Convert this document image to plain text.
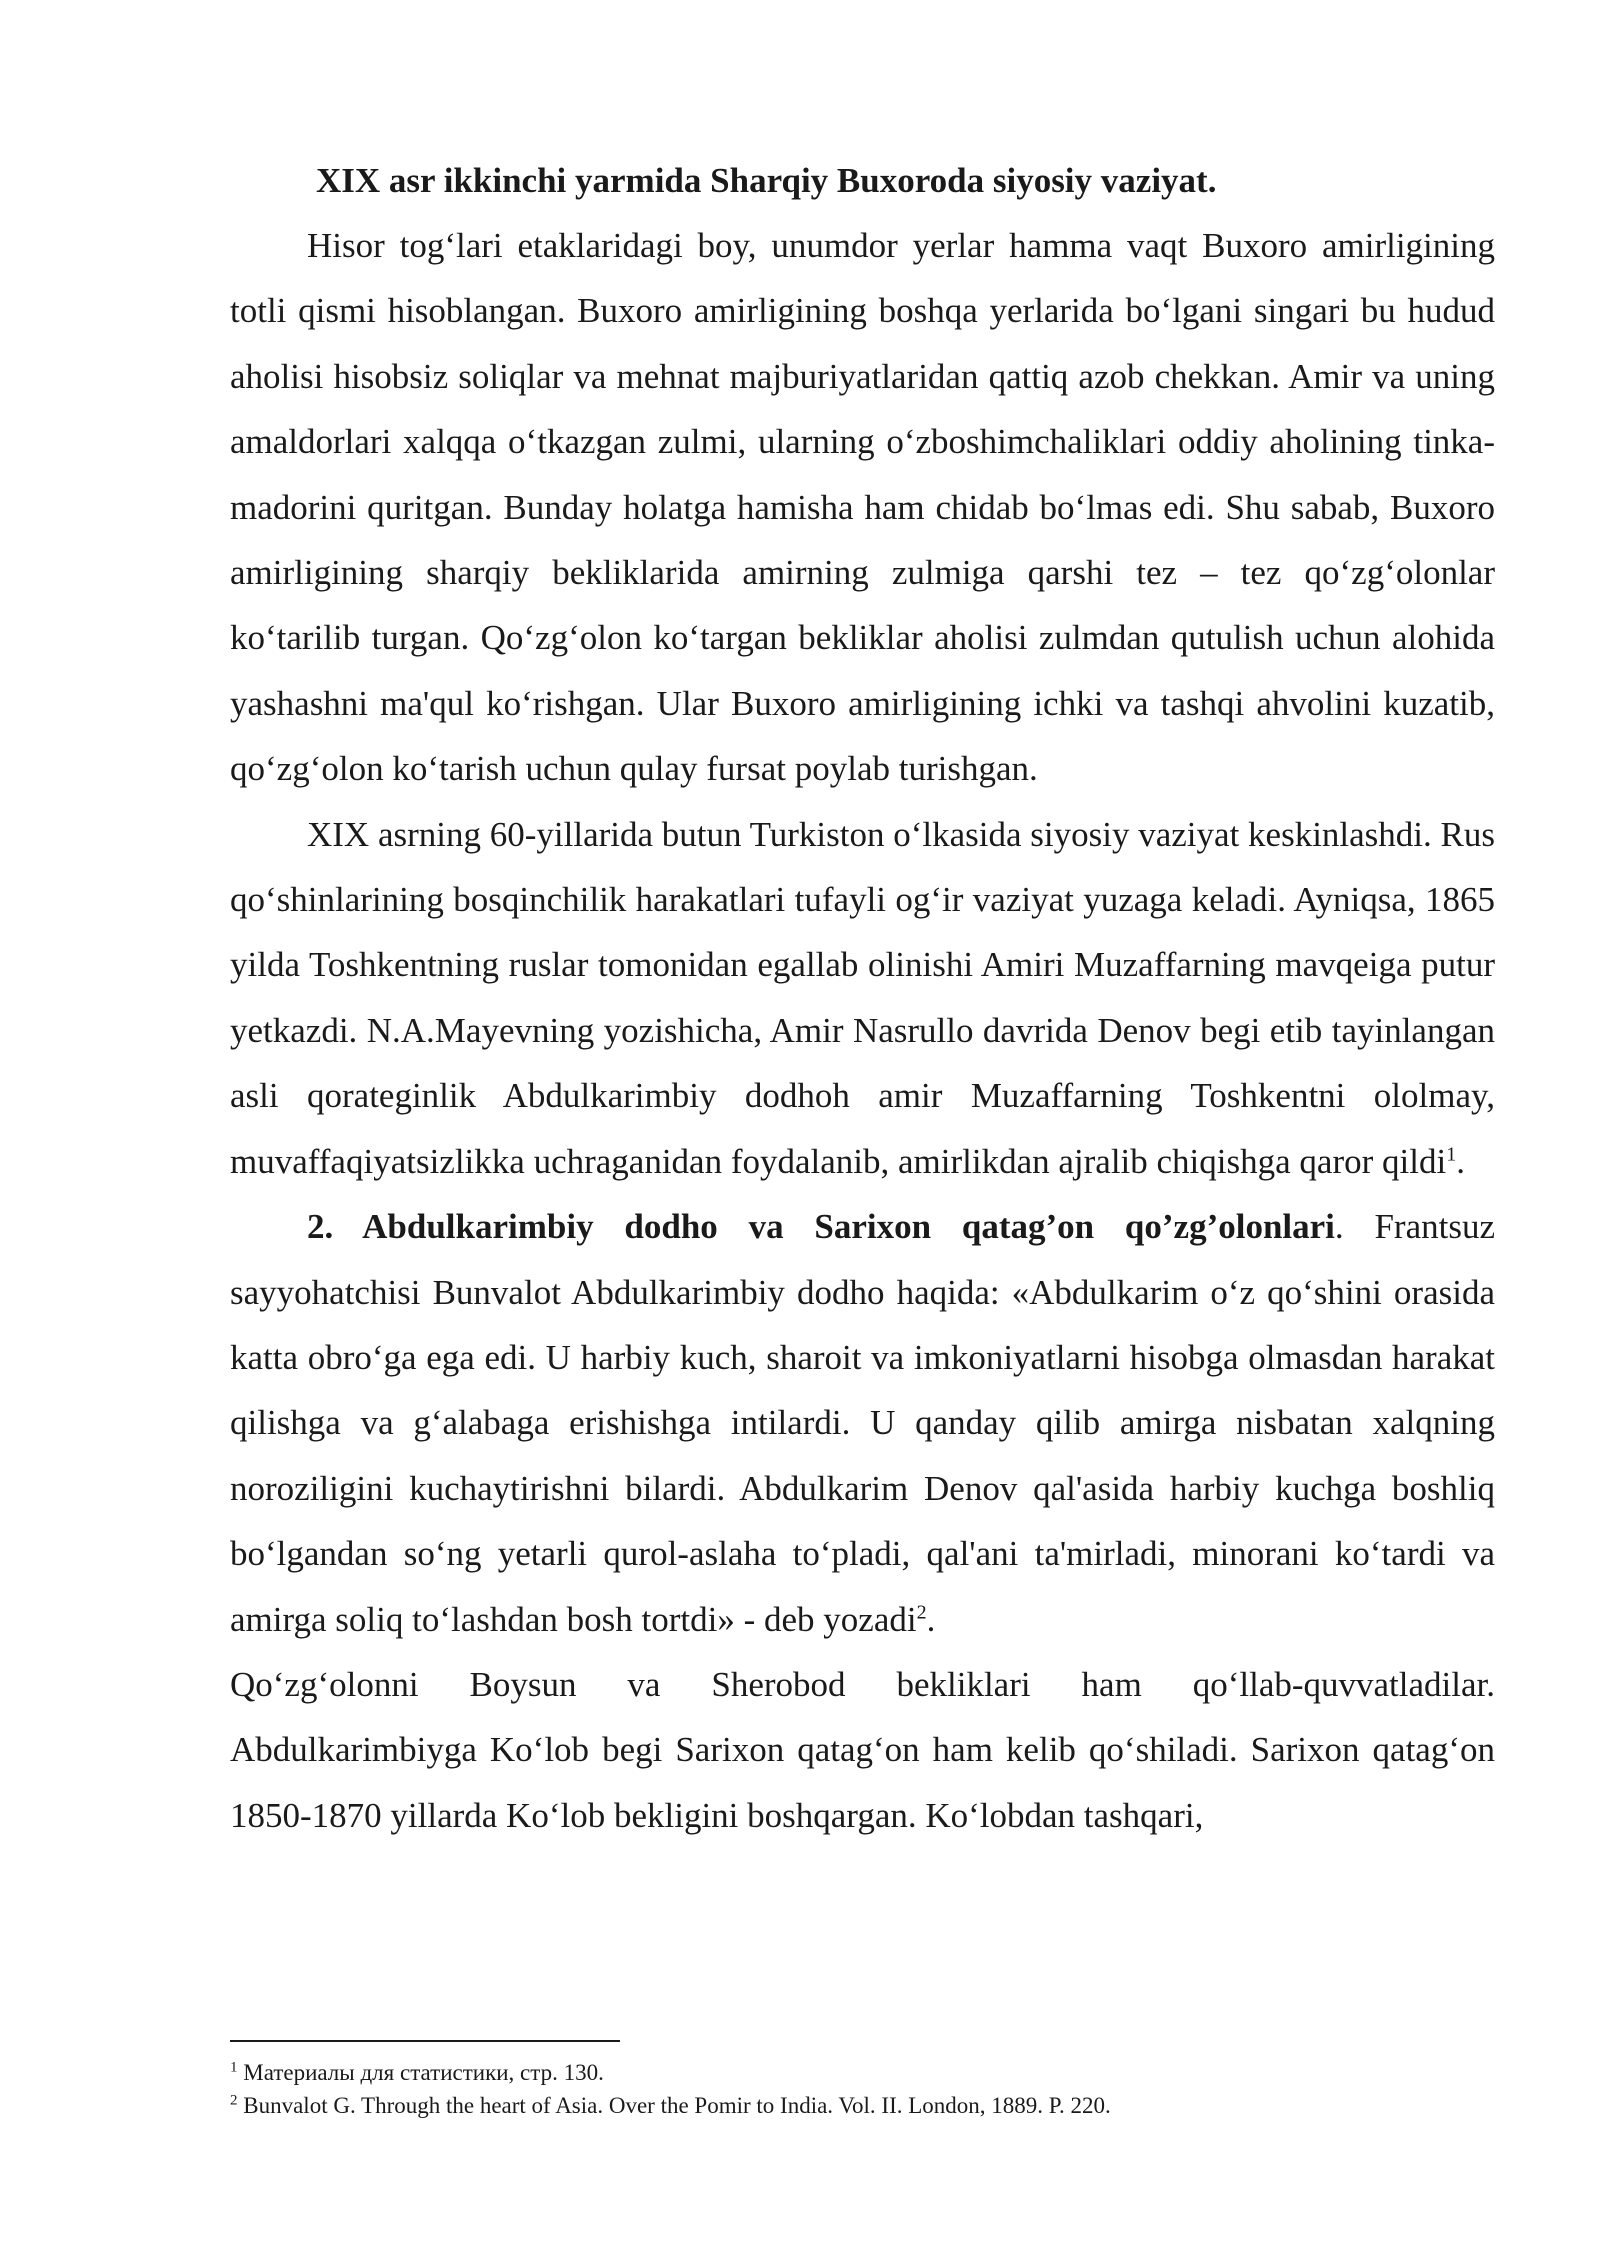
XIX asr ikkinchi yarmida Sharqiy Buxoroda siyosiy vaziyat.

Hisor tog‘lari etaklaridagi boy, unumdor yerlar hamma vaqt Buxoro amirligining totli qismi hisoblangan. Buxoro amirligining boshqa yerlarida bo‘lgani singari bu hudud aholisi hisobsiz soliqlar va mehnat majburiyatlaridan qattiq azob chekkan. Amir va uning amaldorlari xalqqa o‘tkazgan zulmi, ularning o‘zboshimchaliklari oddiy aholining tinka-madorini quritgan. Bunday holatga hamisha ham chidab bo‘lmas edi. Shu sabab, Buxoro amirligining sharqiy bekliklarida amirning zulmiga qarshi tez – tez qo‘zg‘olonlar ko‘tarilib turgan. Qo‘zg‘olon ko‘targan bekliklar aholisi zulmdan qutulish uchun alohida yashashni ma'qul ko‘rishgan. Ular Buxoro amirligining ichki va tashqi ahvolini kuzatib, qo‘zg‘olon ko‘tarish uchun qulay fursat poylab turishgan.

XIX asrning 60-yillarida butun Turkiston o‘lkasida siyosiy vaziyat keskinlashdi. Rus qo‘shinlarining bosqinchilik harakatlari tufayli og‘ir vaziyat yuzaga keladi. Ayniqsa, 1865 yilda Toshkentning ruslar tomonidan egallab olinishi Amiri Muzaffarning mavqeiga putur yetkazdi. N.A.Mayevning yozishicha, Amir Nasrullo davrida Denov begi etib tayinlangan asli qorateginlik Abdulkarimbiy dodhoh amir Muzaffarning Toshkentni ololmay, muvaffaqiyatsizlikka uchraganidan foydalanib, amirlikdan ajralib chiqishga qaror qildi$^1$.

2. Abdulkarimbiy dodho va Sarixon qatag’on qo’zg’olonlari. Frantsuz sayyohatchisi Bunvalot Abdulkarimbiy dodho haqida: «Abdulkarim o‘z qo‘shini orasida katta obro‘ga ega edi. U harbiy kuch, sharoit va imkoniyatlarni hisobga olmasdan harakat qilishga va g‘alabaga erishishga intilardi. U qanday qilib amirga nisbatan xalqning noroziligini kuchaytirishni bilardi. Abdulkarim Denov qal'asida harbiy kuchga boshliq bo‘lgandan so‘ng yetarli qurol-aslaha to‘pladi, qal'ani ta'mirladi, minorani ko‘tardi va amirga soliq to‘lashdan bosh tortdi» - deb yozadi$^2$.

Qo‘zg‘olonni Boysun va Sherobod bekliklari ham qo‘llab-quvvatladilar. Abdulkarimbiyga Ko‘lob begi Sarixon qatag‘on ham kelib qo‘shiladi. Sarixon qatag‘on 1850-1870 yillarda Ko‘lob bekligini boshqargan. Ko‘lobdan tashqari,

$^1$ Материалы для статистики, стр. 130.

$^2$ Bunvalot G. Through the heart of Asia. Over the Pomir to India. Vol. II. London, 1889. P. 220.
